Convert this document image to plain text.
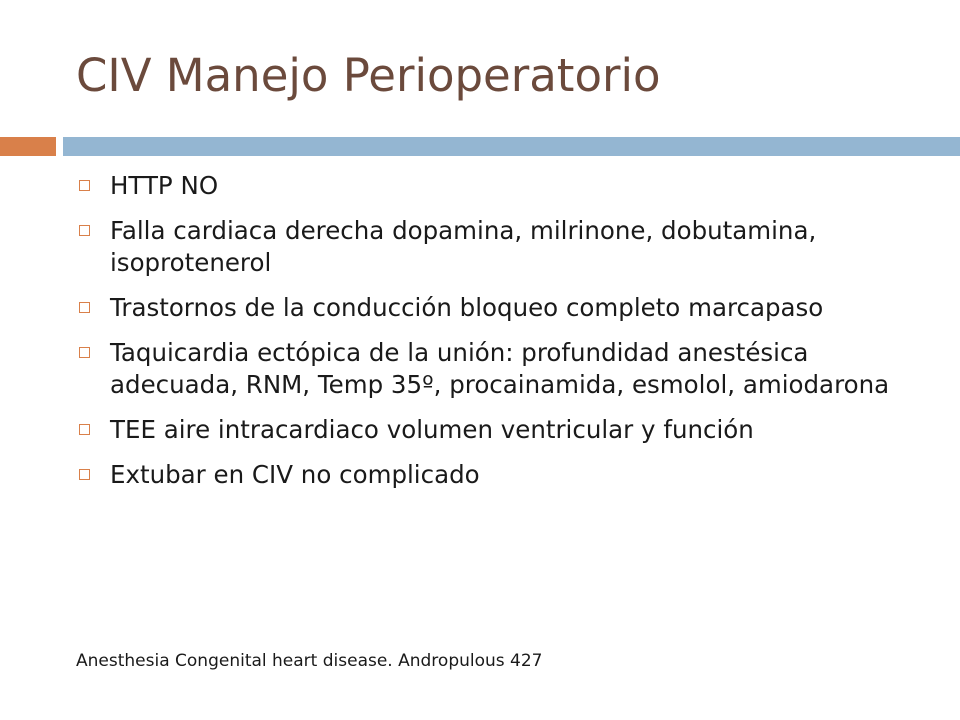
CIV Manejo Perioperatorio
HTTP NO
Falla cardiaca derecha dopamina, milrinone, dobutamina, isoprotenerol
Trastornos de la conducción bloqueo completo marcapaso
Taquicardia ectópica de la unión: profundidad anestésica adecuada, RNM, Temp 35º, procainamida, esmolol, amiodarona
TEE aire intracardiaco volumen ventricular y función
Extubar en CIV no complicado
Anesthesia Congenital heart disease. Andropulous 427
